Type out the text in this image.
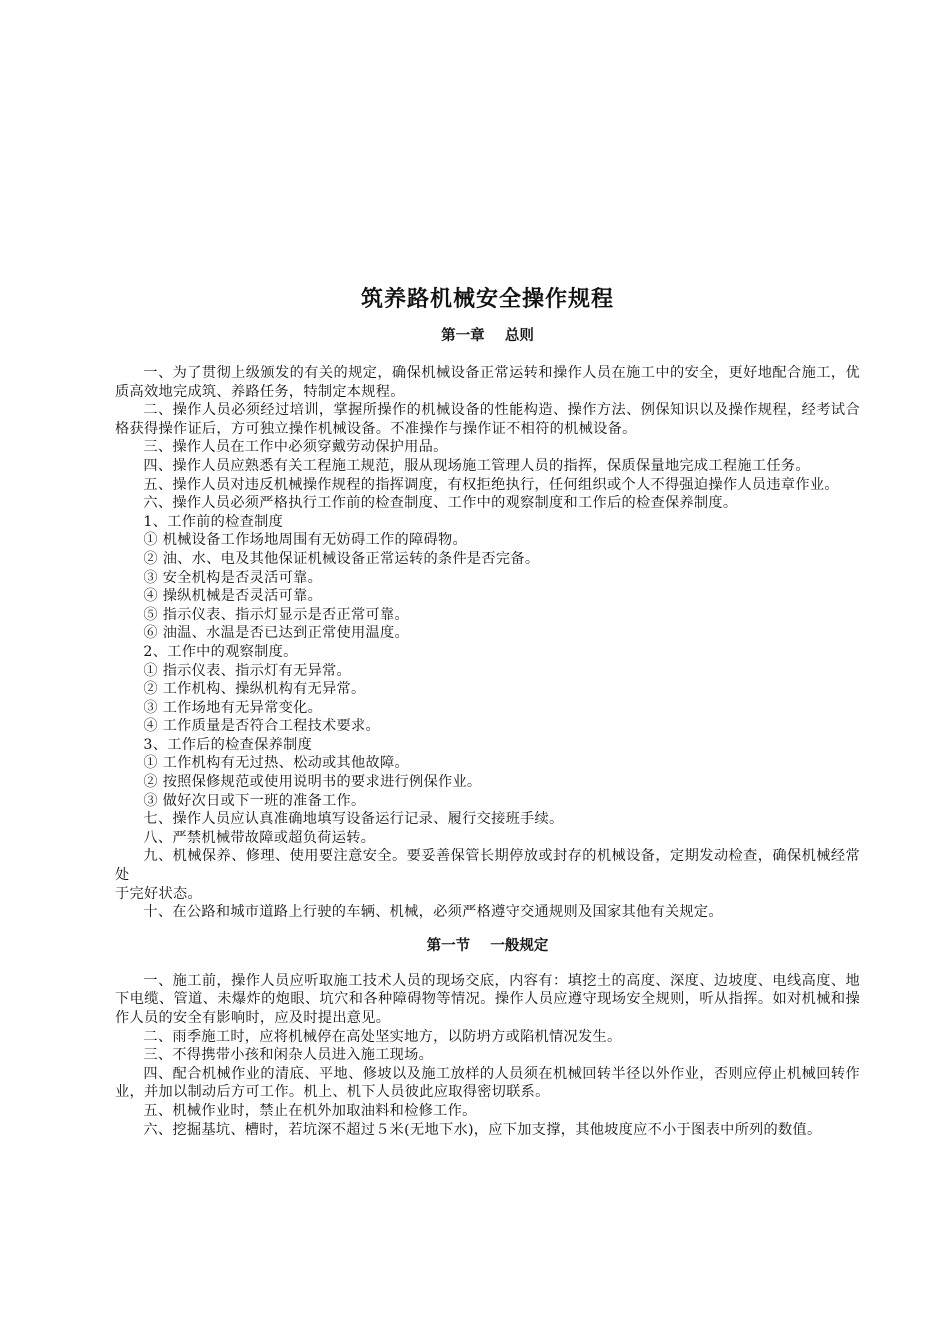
筑养路机械安全操作规程
第一章    总则

一、为了贯彻上级颁发的有关的规定，确保机械设备正常运转和操作人员在施工中的安全，更好地配合施工，优质高效地完成筑、养路任务，特制定本规程。

二、操作人员必须经过培训，掌握所操作的机械设备的性能构造、操作方法、例保知识以及操作规程，经考试合格获得操作证后，方可独立操作机械设备。不准操作与操作证不相符的机械设备。

三、操作人员在工作中必须穿戴劳动保护用品。

四、操作人员应熟悉有关工程施工规范，服从现场施工管理人员的指挥，保质保量地完成工程施工任务。

五、操作人员对违反机械操作规程的指挥调度，有权拒绝执行，任何组织或个人不得强迫操作人员违章作业。

六、操作人员必须严格执行工作前的检查制度、工作中的观察制度和工作后的检查保养制度。

1、工作前的检查制度

① 机械设备工作场地周围有无妨碍工作的障碍物。

② 油、水、电及其他保证机械设备正常运转的条件是否完备。

③ 安全机构是否灵活可靠。

④ 操纵机械是否灵活可靠。

⑤ 指示仪表、指示灯显示是否正常可靠。

⑥ 油温、水温是否已达到正常使用温度。

2、工作中的观察制度。

① 指示仪表、指示灯有无异常。

② 工作机构、操纵机构有无异常。

③ 工作场地有无异常变化。

④ 工作质量是否符合工程技术要求。

3、工作后的检查保养制度

① 工作机构有无过热、松动或其他故障。

② 按照保修规范或使用说明书的要求进行例保作业。

③ 做好次日或下一班的准备工作。

七、操作人员应认真准确地填写设备运行记录、履行交接班手续。

八、严禁机械带故障或超负荷运转。

九、机械保养、修理、使用要注意安全。要妥善保管长期停放或封存的机械设备，定期发动检查，确保机械经常处

于完好状态。

十、在公路和城市道路上行驶的车辆、机械，必须严格遵守交通规则及国家其他有关规定。

第一节    一般规定

一、施工前，操作人员应听取施工技术人员的现场交底，内容有：填挖土的高度、深度、边坡度、电线高度、地下电缆、管道、未爆炸的炮眼、坑穴和各种障碍物等情况。操作人员应遵守现场安全规则，听从指挥。如对机械和操作人员的安全有影响时，应及时提出意见。

二、雨季施工时，应将机械停在高处坚实地方，以防坍方或陷机情况发生。

三、不得携带小孩和闲杂人员进入施工现场。

四、配合机械作业的清底、平地、修坡以及施工放样的人员须在机械回转半径以外作业，否则应停止机械回转作业，并加以制动后方可工作。机上、机下人员彼此应取得密切联系。

五、机械作业时，禁止在机外加取油料和检修工作。

六、挖掘基坑、槽时，若坑深不超过５米(无地下水)，应下加支撑，其他坡度应不小于图表中所列的数值。
